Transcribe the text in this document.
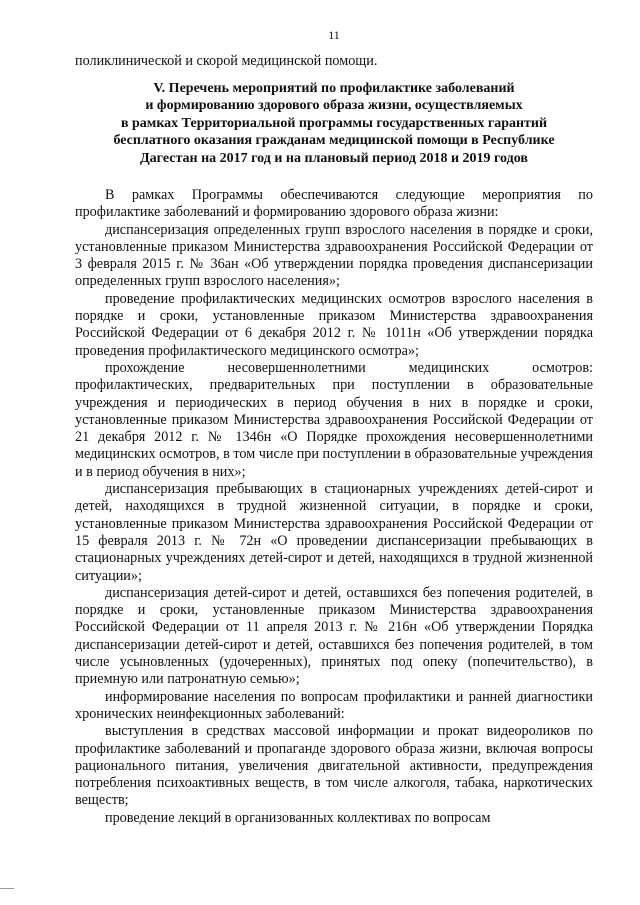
11
поликлинической и скорой медицинской помощи.
V. Перечень мероприятий по профилактике заболеваний
и формированию здорового образа жизни, осуществляемых
в рамках Территориальной программы государственных гарантий
бесплатного оказания гражданам медицинской помощи в Республике
Дагестан на 2017 год и на плановый период 2018 и 2019 годов

В рамках Программы обеспечиваются следующие мероприятия по профилактике заболеваний и формированию здорового образа жизни:

диспансеризация определенных групп взрослого населения в порядке и сроки, установленные приказом Министерства здравоохранения Российской Федерации от 3 февраля 2015 г. № 36ан «Об утверждении порядка проведения диспансеризации определенных групп взрослого населения»;

проведение профилактических медицинских осмотров взрослого населения в порядке и сроки, установленные приказом Министерства здравоохранения Российской Федерации от 6 декабря 2012 г. № 1011н «Об утверждении порядка проведения профилактического медицинского осмотра»;

прохождение несовершеннолетними медицинских осмотров: профилактических, предварительных при поступлении в образовательные учреждения и периодических в период обучения в них в порядке и сроки, установленные приказом Министерства здравоохранения Российской Федерации от 21 декабря 2012 г. № 1346н «О Порядке прохождения несовершеннолетними медицинских осмотров, в том числе при поступлении в образовательные учреждения и в период обучения в них»;

диспансеризация пребывающих в стационарных учреждениях детей-сирот и детей, находящихся в трудной жизненной ситуации, в порядке и сроки, установленные приказом Министерства здравоохранения Российской Федерации от 15 февраля 2013 г. № 72н «О проведении диспансеризации пребывающих в стационарных учреждениях детей-сирот и детей, находящихся в трудной жизненной ситуации»;

диспансеризация детей-сирот и детей, оставшихся без попечения родителей, в порядке и сроки, установленные приказом Министерства здравоохранения Российской Федерации от 11 апреля 2013 г. № 216н «Об утверждении Порядка диспансеризации детей-сирот и детей, оставшихся без попечения родителей, в том числе усыновленных (удочеренных), принятых под опеку (попечительство), в приемную или патронатную семью»;

информирование населения по вопросам профилактики и ранней диагностики хронических неинфекционных заболеваний:

выступления в средствах массовой информации и прокат видеороликов по профилактике заболеваний и пропаганде здорового образа жизни, включая вопросы рационального питания, увеличения двигательной активности, предупреждения потребления психоактивных веществ, в том числе алкоголя, табака, наркотических веществ;

проведение лекций в организованных коллективах по вопросам
